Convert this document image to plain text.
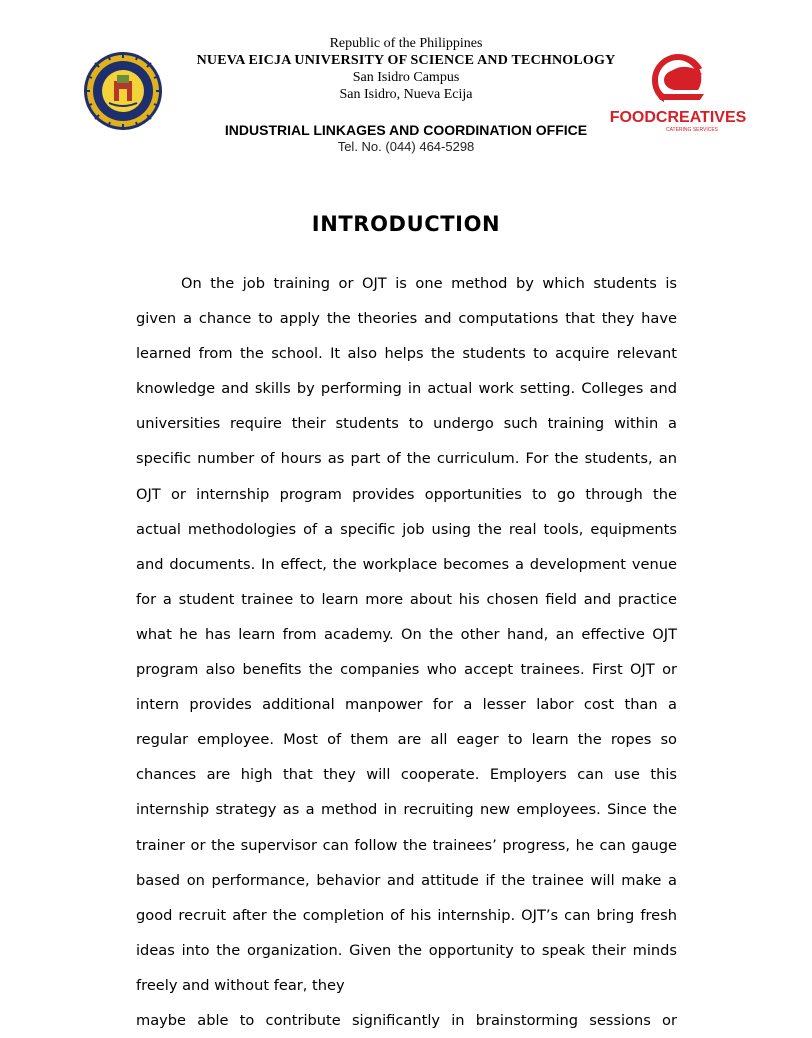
FOODCREATIVES
CATERING SERVICES
Republic of the Philippines
NUEVA EICJA UNIVERSITY OF SCIENCE AND TECHNOLOGY
San Isidro Campus
San Isidro, Nueva Ecija
INDUSTRIAL LINKAGES AND COORDINATION OFFICE
Tel. No. (044) 464-5298
INTRODUCTION
On the job training or OJT is one method by which students is
given a chance to apply the theories and computations that they have
learned from the school. It also helps the students to acquire relevant
knowledge and skills by performing in actual work setting. Colleges and
universities require their students to undergo such training within a
specific number of hours as part of the curriculum. For the students, an
OJT or internship program provides opportunities to go through the
actual methodologies of a specific job using the real tools, equipments
and documents. In effect, the workplace becomes a development venue
for a student trainee to learn more about his chosen field and practice
what he has learn from academy. On the other hand, an effective OJT
program also benefits the companies who accept trainees. First OJT or
intern provides additional manpower for a lesser labor cost than a
regular employee. Most of them are all eager to learn the ropes so
chances are high that they will cooperate. Employers can use this
internship strategy as a method in recruiting new employees. Since the
trainer or the supervisor can follow the trainees’ progress, he can gauge
based on performance, behavior and attitude if the trainee will make a
good recruit after the completion of his internship. OJT’s can bring fresh
ideas into the organization. Given the opportunity to speak their minds
freely and without fear, they
maybe able to contribute significantly in brainstorming sessions or
